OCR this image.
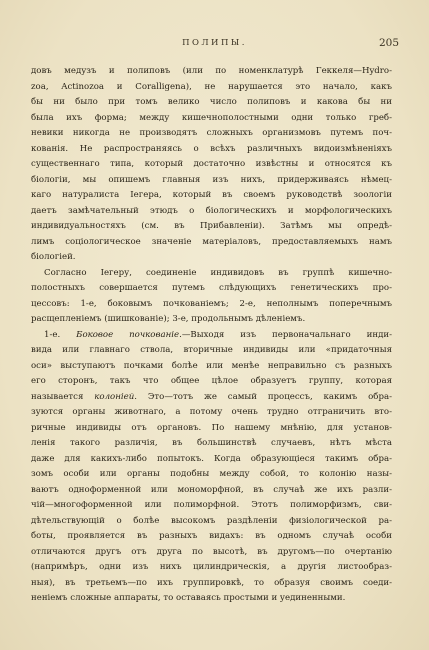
ПОЛИПЫ.	205
довъ медузъ и полиповъ (или по номенклатурѣ Геккеля—Hydro-
zoa, Actinozoa и Coralligena), не нарушается это начало, какъ
бы ни было при томъ велико число полиповъ и какова бы ни
была ихъ форма; между кишечнополостными одни только греб-
невики никогда не производятъ сложныхъ организмовъ путемъ поч-
кованія. Не распространяясь о всѣхъ различныхъ видоизмѣненіяхъ
существеннаго типа, который достаточно извѣстны и относятся къ
біологіи, мы опишемъ главныя изъ нихъ, придерживаясь нѣмец-
каго натуралиста Іегера, который въ своемъ руководствѣ зоологіи
даетъ замѣчательный этюдъ о біологическихъ и морфологическихъ
индивидуальностяхъ (см. въ Прибавленіи). Затѣмъ мы опредѣ-
лимъ соціологическое значеніе матеріаловъ, предоставляемыхъ намъ
біологіей.
Согласно Іегеру, соединеніе индивидовъ въ группѣ кишечно-
полостныхъ совершается путемъ слѣдующихъ генетическихъ про-
цессовъ: 1-е, боковымъ почкованіемъ; 2-е, неполнымъ поперечнымъ
расщепленіемъ (шишкованіе); 3-е, продольнымъ дѣленіемъ.
1-е. Боковое почкованіе.—Выходя изъ первоначальнаго инди-
вида или главнаго ствола, вторичные индивиды или «придаточныя
оси» выступаютъ почками болѣе или менѣе неправильно съ разныхъ
его сторонъ, такъ что общее цѣлое образуетъ группу, которая
называется колоніей. Это—тотъ же самый процессъ, какимъ обра-
зуются органы животнаго, а потому очень трудно отграничить вто-
ричные индивиды отъ органовъ. По нашему мнѣнію, для установ-
ленія такого различія, въ большинствѣ случаевъ, нѣтъ мѣста
даже для какихъ-либо попытокъ. Когда образующіеся такимъ обра-
зомъ особи или органы подобны между собой, то колонію назы-
ваютъ одноформенной или мономорфной, въ случаѣ же ихъ разли-
чій—многоформенной или полиморфной. Этотъ полиморфизмъ, сви-
дѣтельствующій о болѣе высокомъ раздѣленіи физіологической ра-
боты, проявляется въ разныхъ видахъ: въ одномъ случаѣ особи
отличаются другъ отъ друга по высотѣ, въ другомъ—по очертанію
(напримѣръ, одни изъ нихъ цилиндрическія, а другія листообраз-
ныя), въ третьемъ—по ихъ группировкѣ, то образуя своимъ соеди-
неніемъ сложные аппараты, то оставаясь простыми и уединенными.
